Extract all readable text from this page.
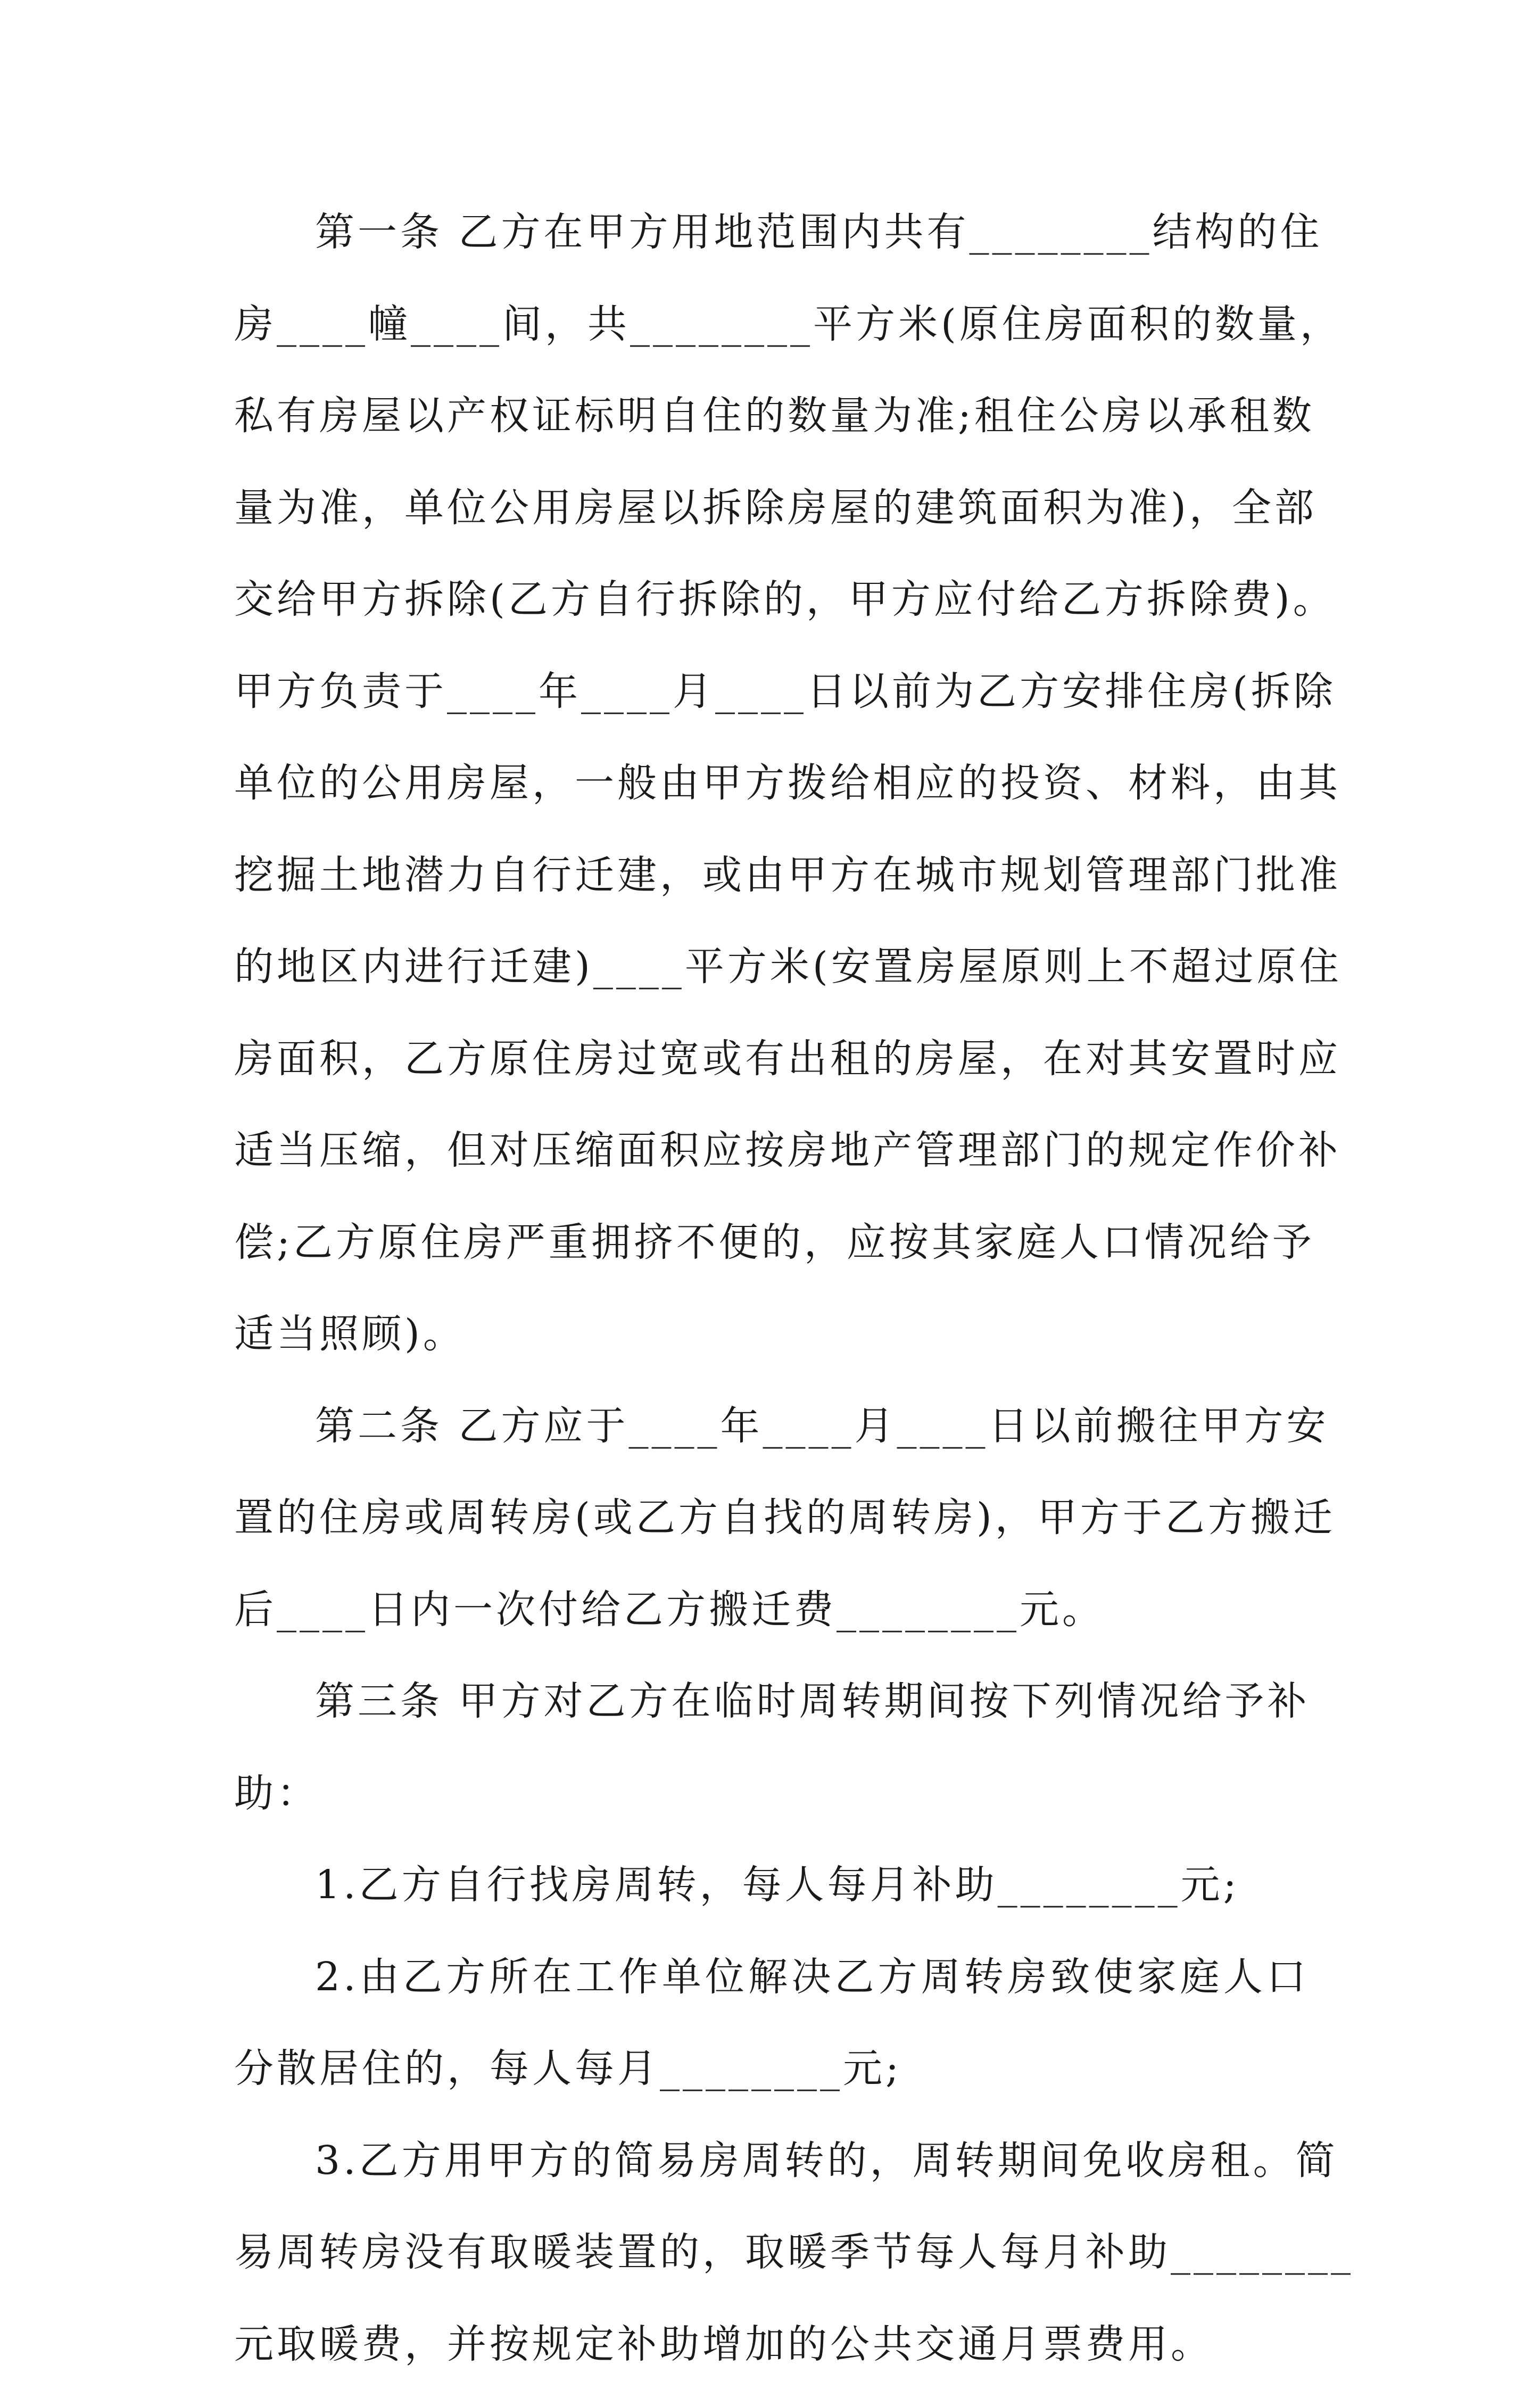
第一条 乙方在甲方用地范围内共有________结构的住
房____幢____间，共________平方米(原住房面积的数量，
私有房屋以产权证标明自住的数量为准;租住公房以承租数
量为准，单位公用房屋以拆除房屋的建筑面积为准)，全部
交给甲方拆除(乙方自行拆除的，甲方应付给乙方拆除费)。
甲方负责于____年____月____日以前为乙方安排住房(拆除
单位的公用房屋，一般由甲方拨给相应的投资、材料，由其
挖掘土地潜力自行迁建，或由甲方在城市规划管理部门批准
的地区内进行迁建)____平方米(安置房屋原则上不超过原住
房面积，乙方原住房过宽或有出租的房屋，在对其安置时应
适当压缩，但对压缩面积应按房地产管理部门的规定作价补
偿;乙方原住房严重拥挤不便的，应按其家庭人口情况给予
适当照顾)。
第二条 乙方应于____年____月____日以前搬往甲方安
置的住房或周转房(或乙方自找的周转房)，甲方于乙方搬迁
后____日内一次付给乙方搬迁费________元。
第三条 甲方对乙方在临时周转期间按下列情况给予补
助：
1.乙方自行找房周转，每人每月补助________元;
2.由乙方所在工作单位解决乙方周转房致使家庭人口
分散居住的，每人每月________元;
3.乙方用甲方的简易房周转的，周转期间免收房租。简
易周转房没有取暖装置的，取暖季节每人每月补助________
元取暖费，并按规定补助增加的公共交通月票费用。
